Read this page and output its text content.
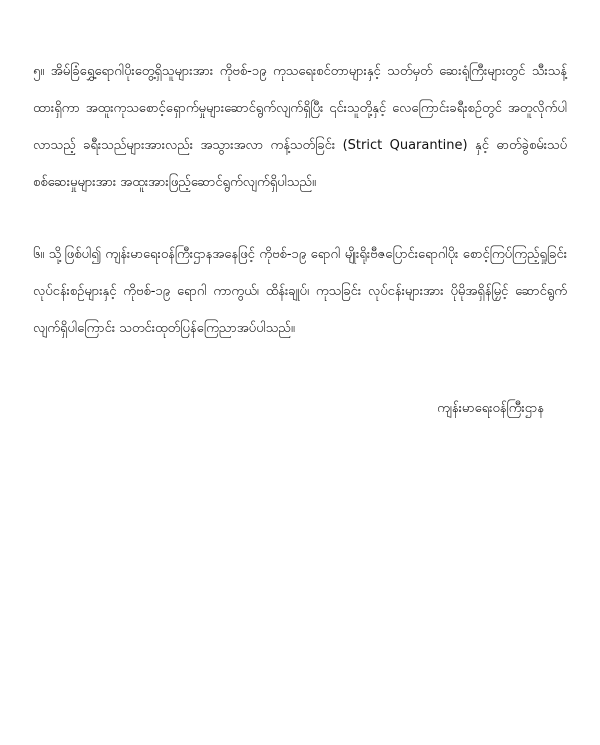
၅။ အိမ်ခြံရွှေ့ရောဂါပိုးတွေ့ရှိသူများအား ကိုဗစ်-၁၉ ကုသရေးစင်တာများနှင့် သတ်မှတ် ဆေးရုံကြီးများတွင် သီးသန့်ထားရှိကာ အထူးကုသစောင့်ရှောက်မှုများဆောင်ရွက်လျက်ရှိပြီး ၎င်းသူတို့နှင့် လေကြောင်းခရီးစဉ်တွင် အတူလိုက်ပါလာသည့် ခရီးသည်များအားလည်း အသွားအလာ ကန့်သတ်ခြင်း (Strict Quarantine) နှင့် ဓာတ်ခွဲစမ်းသပ်စစ်ဆေးမှုများအား အထူးအားဖြည့်ဆောင်ရွက်လျက်ရှိပါသည်။

၆။ သို့ဖြစ်ပါ၍ ကျန်းမာရေးဝန်ကြီးဌာနအနေဖြင့် ကိုဗစ်-၁၉ ရောဂါ မျိုးရိုးဗီဇပြောင်းရောဂါပိုး စောင့်ကြပ်ကြည့်ရှုခြင်းလုပ်ငန်းစဉ်များနှင့် ကိုဗစ်-၁၉ ရောဂါ ကာကွယ်၊ ထိန်းချုပ်၊ ကုသခြင်း လုပ်ငန်းများအား ပိုမိုအရှိန်မြှင့် ဆောင်ရွက်လျက်ရှိပါကြောင်း သတင်းထုတ်ပြန်ကြေညာအပ်ပါသည်။

ကျန်းမာရေးဝန်ကြီးဌာန
